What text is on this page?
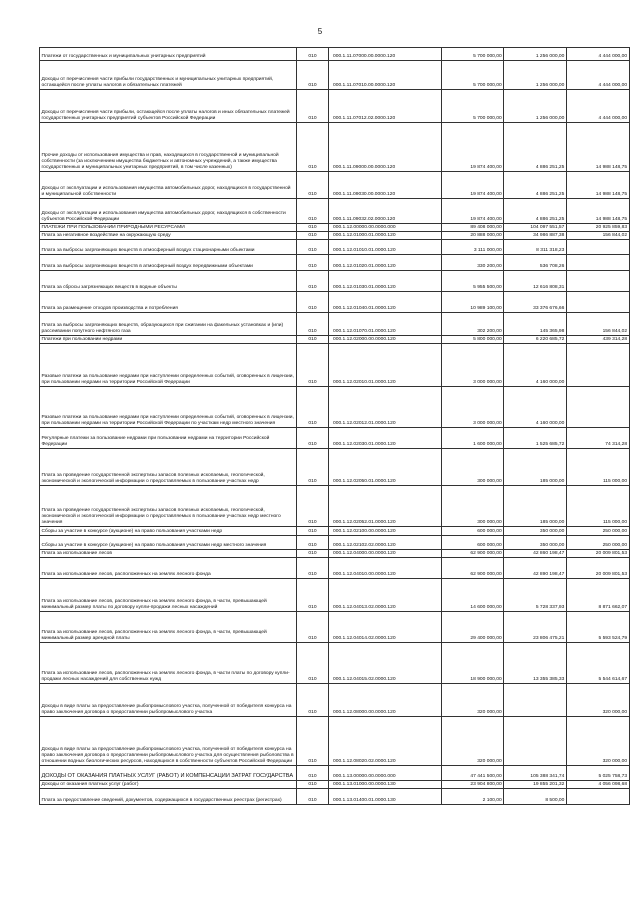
5
Платежи от государственных и муниципальных унитарных предприятий	010	000.1.11.07000.00.0000.120	5 700 000,00	1 256 000,00	4 444 000,00
Доходы от перечисления части прибыли государственных и муниципальных унитарных предприятий, остающейся после уплаты налогов и обязательных платежей	010	000.1.11.07010.00.0000.120	5 700 000,00	1 256 000,00	4 444 000,00
Доходы от перечисления части прибыли, остающейся после уплаты налогов и иных обязательных платежей государственных унитарных предприятий субъектов Российской Федерации	010	000.1.11.07012.02.0000.120	5 700 000,00	1 256 000,00	4 444 000,00
Прочие доходы от использования имущества и прав, находящихся в государственной и муниципальной собственности (за исключением имущества бюджетных и автономных учреждений, а также имущества государственных и муниципальных унитарных предприятий, в том числе казенных)	010	000.1.11.09000.00.0000.120	19 874 400,00	4 886 251,25	14 988 148,75
Доходы от эксплуатации и использования имущества автомобильных дорог, находящихся в государственной и муниципальной собственности	010	000.1.11.09030.00.0000.120	19 874 400,00	4 886 251,25	14 988 148,75
Доходы от эксплуатации и использования имущества автомобильных дорог, находящихся в собственности субъектов Российской Федерации	010	000.1.11.09032.02.0000.120	19 874 400,00	4 886 251,25	14 988 148,75
ПЛАТЕЖИ ПРИ ПОЛЬЗОВАНИИ ПРИРОДНЫМИ РЕСУРСАМИ	010	000.1.12.00000.00.0000.000	89 408 000,00	104 097 551,57	20 925 859,83
Плата за негативное воздействие на окружающую среду	010	000.1.12.01000.01.0000.120	20 888 000,00	34 986 887,38	156 844,02
Плата за выбросы загрязняющих веществ в атмосферный воздух стационарными объектами	010	000.1.12.01010.01.0000.120	3 111 000,00	8 311 318,23	
Плата за выбросы загрязняющих веществ в атмосферный воздух передвижными объектами	010	000.1.12.01020.01.0000.120	330 200,00	536 708,26	
Плата за сбросы загрязняющих веществ в водные объекты	010	000.1.12.01030.01.0000.120	5 955 500,00	12 616 808,31	
Плата за размещение отходов производства и потребления	010	000.1.12.01040.01.0000.120	10 989 100,00	33 376 676,66	
Плата за выбросы загрязняющих веществ, образующихся при сжигании на факельных установках и (или) рассеивании попутного нефтяного газа	010	000.1.12.01070.01.0000.120	302 200,00	145 365,98	156 844,02
Платежи при пользовании недрами	010	000.1.12.02000.00.0000.120	5 800 000,00	6 220 685,72	439 314,28
Разовые платежи за пользование недрами при наступлении определенных событий, оговоренных в лицензии, при пользовании недрами на территории Российской Федерации	010	000.1.12.02010.01.0000.120	3 000 000,00	4 160 000,00	
Разовые платежи за пользование недрами при наступлении определенных событий, оговоренных в лицензии, при пользовании недрами на территории Российской Федерации по участкам недр местного значения	010	000.1.12.02012.01.0000.120	3 000 000,00	4 160 000,00	
Регулярные платежи за пользование недрами при пользовании недрами на территории Российской Федерации	010	000.1.12.02030.01.0000.120	1 600 000,00	1 525 685,72	74 314,28
Плата за проведение государственной экспертизы запасов полезных ископаемых, геологической, экономической и экологической информации о предоставляемых в пользование участках недр	010	000.1.12.02050.01.0000.120	300 000,00	185 000,00	115 000,00
Плата за проведение государственной экспертизы запасов полезных ископаемых, геологической, экономической и экологической информации о предоставляемых в пользование участках недр местного значения	010	000.1.12.02052.01.0000.120	300 000,00	185 000,00	115 000,00
Сборы за участие в конкурсе (аукционе) на право пользования участками недр	010	000.1.12.02100.00.0000.120	600 000,00	350 000,00	250 000,00
Сборы за участие в конкурсе (аукционе) на право пользования участками недр местного значения	010	000.1.12.02102.02.0000.120	600 000,00	350 000,00	250 000,00
Плата за использование лесов	010	000.1.12.04000.00.0000.120	62 900 000,00	42 860 198,47	20 009 801,53
Плата за использование лесов, расположенных на землях лесного фонда	010	000.1.12.04010.00.0000.120	62 900 000,00	42 890 198,47	20 009 801,53
Плата за использование лесов, расположенных на землях лесного фонда, в части, превышающей минимальный размер платы по договору купли-продажи лесных насаждений	010	000.1.12.04013.02.0000.120	14 600 000,00	5 728 337,93	8 871 662,07
Плата за использование лесов, расположенных на землях лесного фонда, в части, превышающей минимальный размер арендной платы	010	000.1.12.04014.02.0000.120	29 400 000,00	23 806 475,21	5 593 524,79
Плата за использование лесов, расположенных на землях лесного фонда, в части платы по договору купли-продажи лесных насаждений для собственных нужд	010	000.1.12.04015.02.0000.120	18 900 000,00	13 355 385,33	5 544 614,67
Доходы в виде платы за предоставление рыбопромыслового участка, полученной от победителя конкурса на право заключения договора о предоставлении рыбопромыслового участка	010	000.1.12.08000.00.0000.120	320 000,00		320 000,00
Доходы в виде платы за предоставление рыбопромыслового участка, полученной от победителя конкурса на право заключения договора о предоставлении рыбопромыслового участка для осуществления рыболовства в отношении водных биологических ресурсов, находящихся в собственности субъектов Российской Федерации	010	000.1.12.08020.02.0000.120	320 000,00		320 000,00
ДОХОДЫ ОТ ОКАЗАНИЯ ПЛАТНЫХ УСЛУГ (РАБОТ) И КОМПЕНСАЦИИ ЗАТРАТ ГОСУДАРСТВА	010	000.1.13.00000.00.0000.000	47 441 500,00	105 388 341,74	5 025 758,73
Доходы от оказания платных услуг (работ)	010	000.1.13.01000.00.0000.130	23 904 800,00	19 855 201,32	4 056 098,68
Плата за предоставление сведений, документов, содержащихся в государственных реестрах (регистрах)	010	000.1.13.01400.01.0000.130	2 100,00	8 500,00	
